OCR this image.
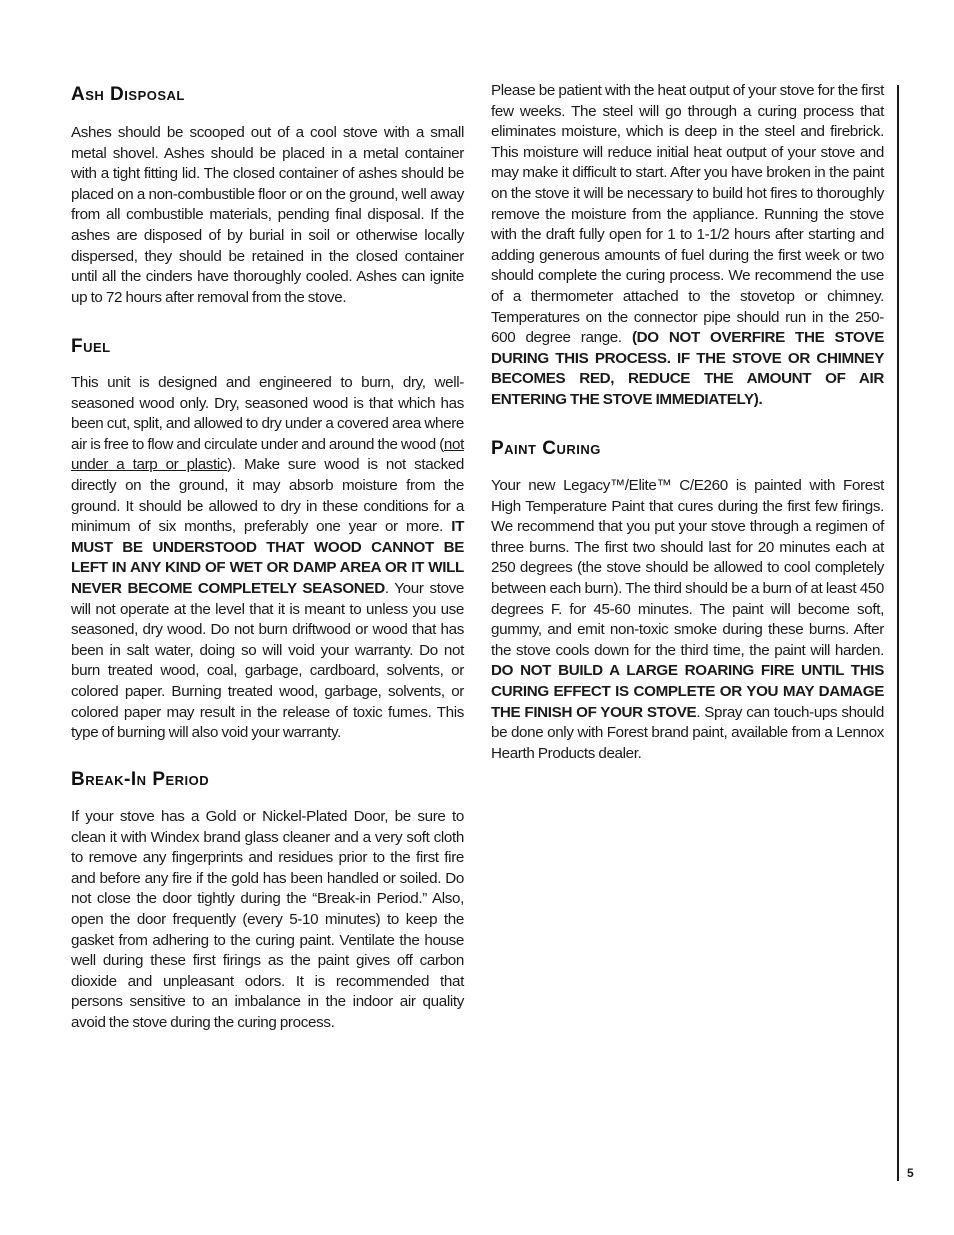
Ash Disposal

Ashes should be scooped out of a cool stove with a small metal shovel. Ashes should be placed in a metal container with a tight fitting lid. The closed container of ashes should be placed on a non-combustible floor or on the ground, well away from all combustible materials, pending final disposal. If the ashes are disposed of by burial in soil or otherwise locally dispersed, they should be retained in the closed container until all the cinders have thoroughly cooled. Ashes can ignite up to 72 hours after removal from the stove.

Fuel

This unit is designed and engineered to burn, dry, well-seasoned wood only. Dry, seasoned wood is that which has been cut, split, and allowed to dry under a covered area where air is free to flow and circulate under and around the wood (not under a tarp or plastic). Make sure wood is not stacked directly on the ground, it may absorb moisture from the ground. It should be allowed to dry in these conditions for a minimum of six months, preferably one year or more. IT MUST BE UNDERSTOOD THAT WOOD CANNOT BE LEFT IN ANY KIND OF WET OR DAMP AREA OR IT WILL NEVER BECOME COMPLETELY SEASONED. Your stove will not operate at the level that it is meant to unless you use seasoned, dry wood. Do not burn driftwood or wood that has been in salt water, doing so will void your warranty. Do not burn treated wood, coal, garbage, cardboard, solvents, or colored paper. Burning treated wood, garbage, solvents, or colored paper may result in the release of toxic fumes. This type of burning will also void your warranty.

Break-In Period

If your stove has a Gold or Nickel-Plated Door, be sure to clean it with Windex brand glass cleaner and a very soft cloth to remove any fingerprints and residues prior to the first fire and before any fire if the gold has been handled or soiled. Do not close the door tightly during the “Break-in Period.” Also, open the door frequently (every 5-10 minutes) to keep the gasket from adhering to the curing paint. Ventilate the house well during these first firings as the paint gives off carbon dioxide and unpleasant odors. It is recommended that persons sensitive to an imbalance in the indoor air quality avoid the stove during the curing process.

Please be patient with the heat output of your stove for the first few weeks. The steel will go through a curing process that eliminates moisture, which is deep in the steel and firebrick. This moisture will reduce initial heat output of your stove and may make it difficult to start. After you have broken in the paint on the stove it will be necessary to build hot fires to thoroughly remove the moisture from the appliance. Running the stove with the draft fully open for 1 to 1-1/2 hours after starting and adding generous amounts of fuel during the first week or two should complete the curing process. We recommend the use of a thermometer attached to the stovetop or chimney. Temperatures on the connector pipe should run in the 250-600 degree range. (DO NOT OVERFIRE THE STOVE DURING THIS PROCESS. IF THE STOVE OR CHIMNEY BECOMES RED, REDUCE THE AMOUNT OF AIR ENTERING THE STOVE IMMEDIATELY).

Paint Curing

Your new Legacy™/Elite™ C/E260 is painted with Forest High Temperature Paint that cures during the first few firings. We recommend that you put your stove through a regimen of three burns. The first two should last for 20 minutes each at 250 degrees (the stove should be allowed to cool completely between each burn). The third should be a burn of at least 450 degrees F. for 45-60 minutes. The paint will become soft, gummy, and emit non-toxic smoke during these burns. After the stove cools down for the third time, the paint will harden. DO NOT BUILD A LARGE ROARING FIRE UNTIL THIS CURING EFFECT IS COMPLETE OR YOU MAY DAMAGE THE FINISH OF YOUR STOVE. Spray can touch-ups should be done only with Forest brand paint, available from a Lennox Hearth Products dealer.

5
